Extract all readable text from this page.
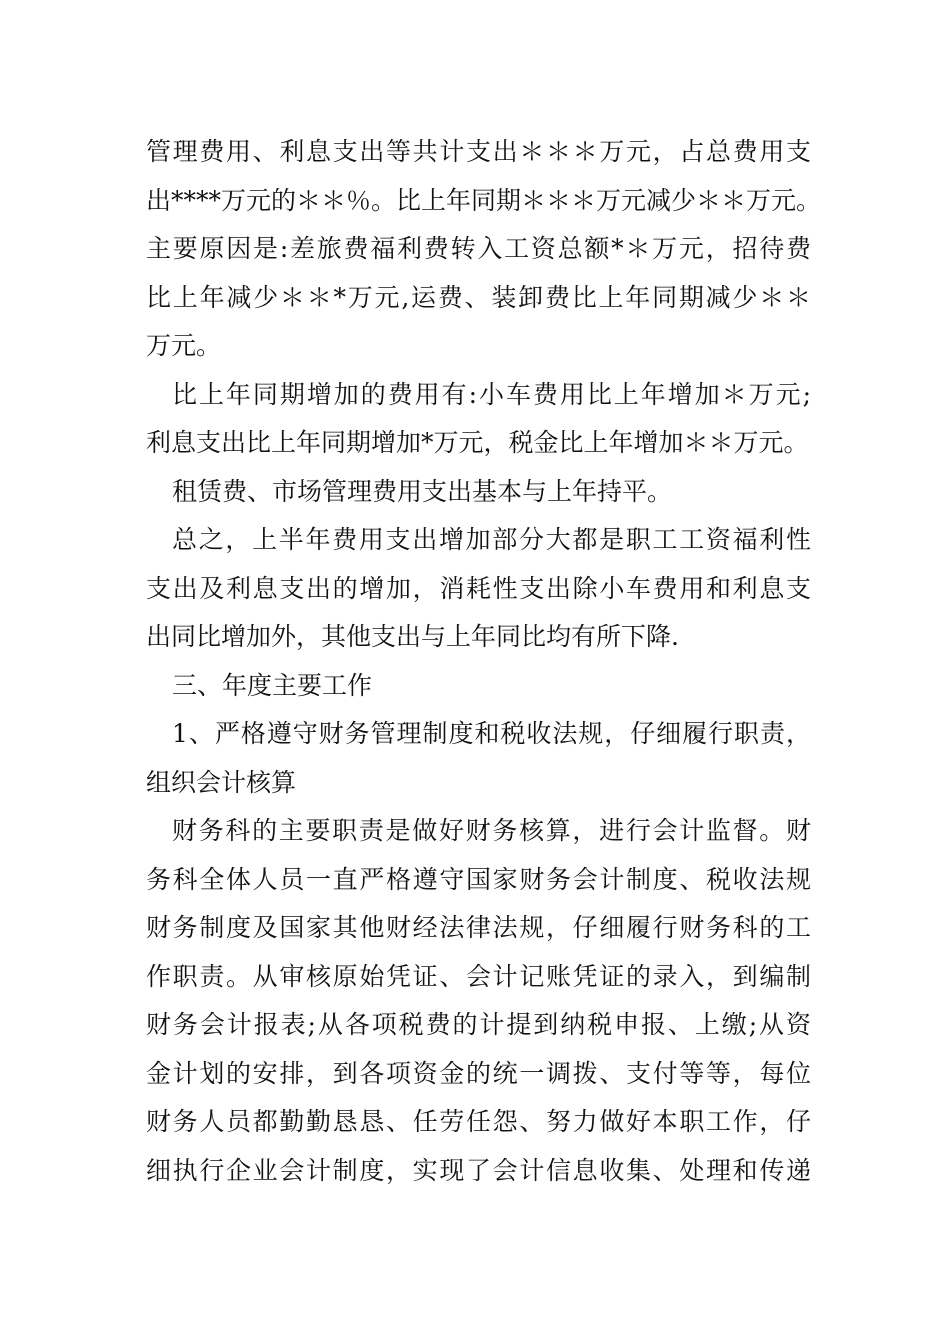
管理费用、利息支出等共计支出＊＊＊万元，占总费用支
出****万元的＊＊％。比上年同期＊＊＊万元减少＊＊万元。
主要原因是:差旅费福利费转入工资总额*＊万元，招待费
比上年减少＊＊*万元,运费、装卸费比上年同期减少＊＊
万元。
比上年同期增加的费用有:小车费用比上年增加＊万元;
利息支出比上年同期增加*万元，税金比上年增加＊＊万元。
租赁费、市场管理费用支出基本与上年持平。
总之，上半年费用支出增加部分大都是职工工资福利性
支出及利息支出的增加，消耗性支出除小车费用和利息支
出同比增加外，其他支出与上年同比均有所下降.
三、年度主要工作
1、严格遵守财务管理制度和税收法规，仔细履行职责，
组织会计核算
财务科的主要职责是做好财务核算，进行会计监督。财
务科全体人员一直严格遵守国家财务会计制度、税收法规
财务制度及国家其他财经法律法规，仔细履行财务科的工
作职责。从审核原始凭证、会计记账凭证的录入，到编制
财务会计报表;从各项税费的计提到纳税申报、上缴;从资
金计划的安排，到各项资金的统一调拨、支付等等，每位
财务人员都勤勤恳恳、任劳任怨、努力做好本职工作，仔
细执行企业会计制度，实现了会计信息收集、处理和传递
